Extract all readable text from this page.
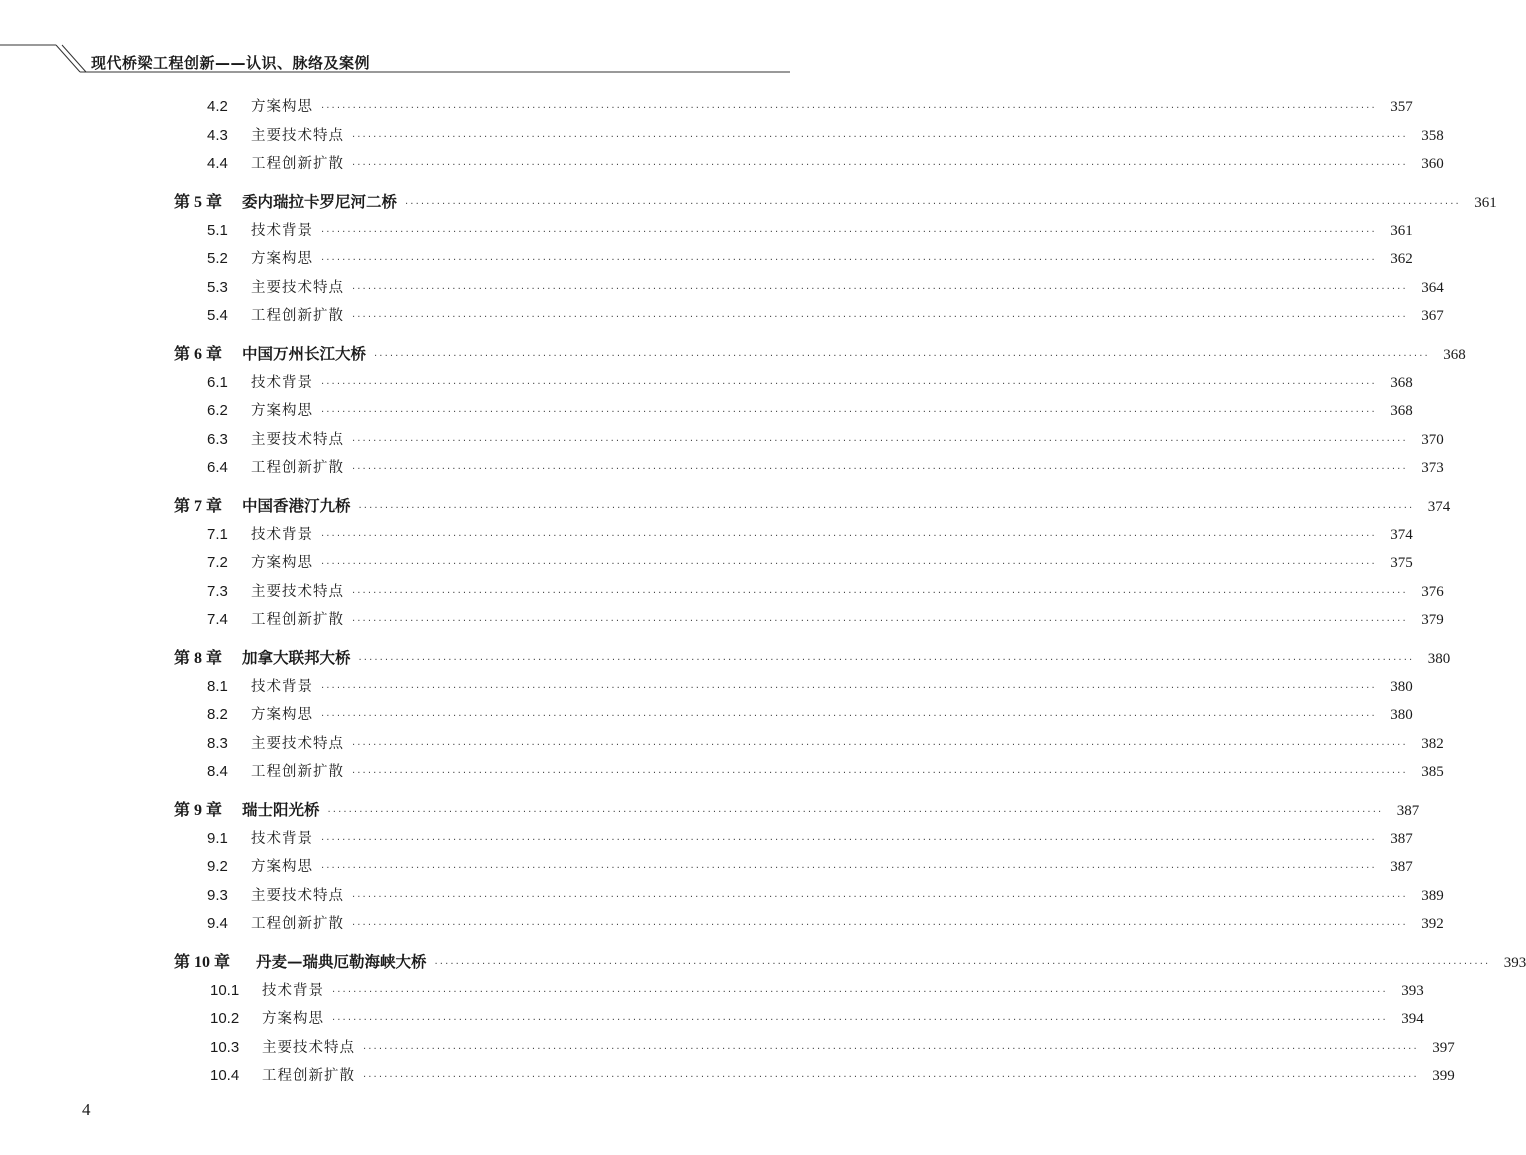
现代桥梁工程创新——认识、脉络及案例
4.2	方案构思 ········································································································································································································ 357
4.3	主要技术特点 ········································································································································································································ 358
4.4	工程创新扩散 ········································································································································································································ 360
第 5 章	委内瑞拉卡罗尼河二桥 ········································································································································································································ 361
5.1	技术背景 ········································································································································································································ 361
5.2	方案构思 ········································································································································································································ 362
5.3	主要技术特点 ········································································································································································································ 364
5.4	工程创新扩散 ········································································································································································································ 367
第 6 章	中国万州长江大桥 ········································································································································································································ 368
6.1	技术背景 ········································································································································································································ 368
6.2	方案构思 ········································································································································································································ 368
6.3	主要技术特点 ········································································································································································································ 370
6.4	工程创新扩散 ········································································································································································································ 373
第 7 章	中国香港汀九桥 ········································································································································································································ 374
7.1	技术背景 ········································································································································································································ 374
7.2	方案构思 ········································································································································································································ 375
7.3	主要技术特点 ········································································································································································································ 376
7.4	工程创新扩散 ········································································································································································································ 379
第 8 章	加拿大联邦大桥 ········································································································································································································ 380
8.1	技术背景 ········································································································································································································ 380
8.2	方案构思 ········································································································································································································ 380
8.3	主要技术特点 ········································································································································································································ 382
8.4	工程创新扩散 ········································································································································································································ 385
第 9 章	瑞士阳光桥 ········································································································································································································ 387
9.1	技术背景 ········································································································································································································ 387
9.2	方案构思 ········································································································································································································ 387
9.3	主要技术特点 ········································································································································································································ 389
9.4	工程创新扩散 ········································································································································································································ 392
第 10 章	丹麦—瑞典厄勒海峡大桥 ········································································································································································································ 393
10.1	技术背景 ········································································································································································································ 393
10.2	方案构思 ········································································································································································································ 394
10.3	主要技术特点 ········································································································································································································ 397
10.4	工程创新扩散 ········································································································································································································ 399
4
